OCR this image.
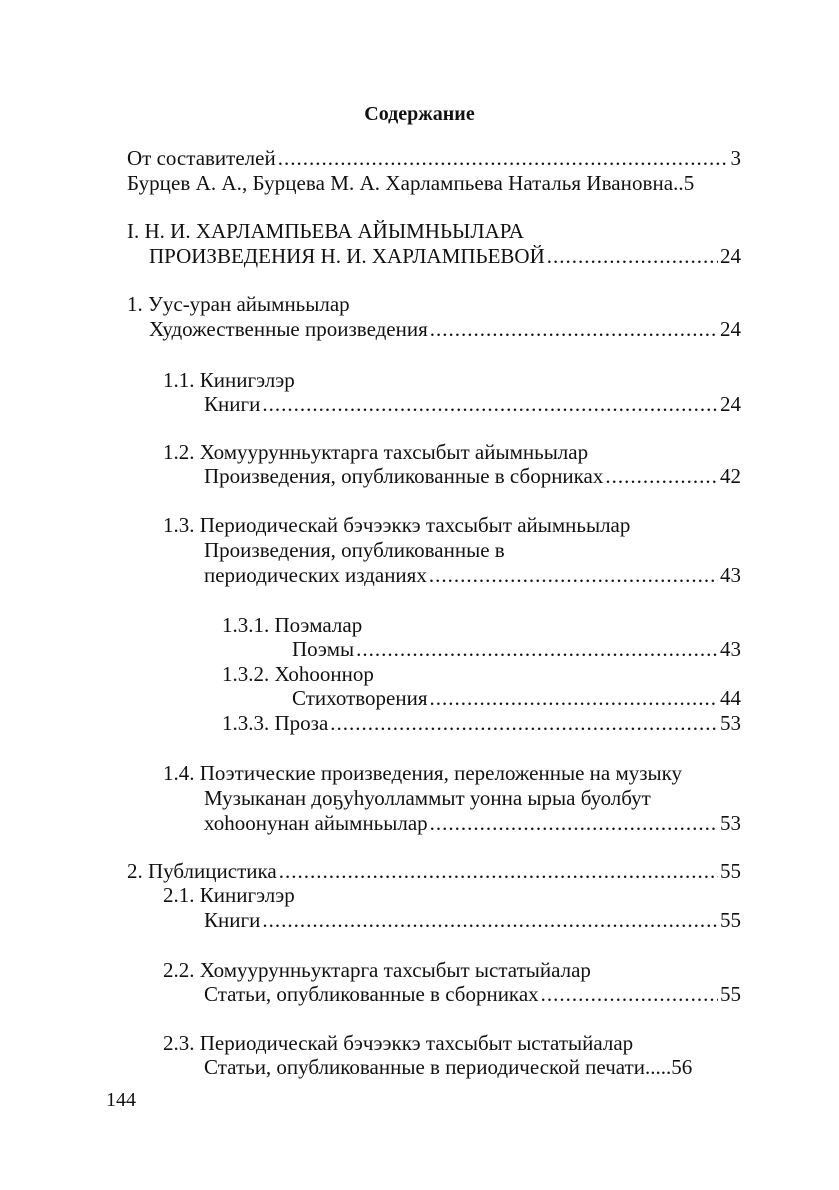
Содержание
От составителей .....	3
Бурцев А. А., Бурцева М. А. Харлампьева Наталья Ивановна..5
I. Н. И. ХАРЛАМПЬЕВА АЙЫМНЬЫЛАРА
ПРОИЗВЕДЕНИЯ Н. И. ХАРЛАМПЬЕВОЙ .....	24
1. Уус-уран айымньылар
Художественные произведения .....	24
1.1. Кинигэлэр
Книги .....	24
1.2. Хомуурунньуктарга тахсыбыт айымньылар
Произведения, опубликованные в сборниках .....	42
1.3. Периодическай бэчээккэ тахсыбыт айымньылар
Произведения, опубликованные в
периодических изданиях .....	43
1.3.1. Поэмалар
Поэмы .....	43
1.3.2. Хоhооннор
Стихотворения .....	44
1.3.3. Проза .....	53
1.4. Поэтические произведения, переложенные на музыку
Музыканан доҕуhуолламмыт уонна ырыа буолбут
хоhоонунан айымньылар .....	53
2. Публицистика .....	55
2.1. Кинигэлэр
Книги .....	55
2.2. Хомуурунньуктарга тахсыбыт ыстатыйалар
Статьи, опубликованные в сборниках .....	55
2.3. Периодическай бэчээккэ тахсыбыт ыстатыйалар
Статьи, опубликованные в периодической печати.....56
144
